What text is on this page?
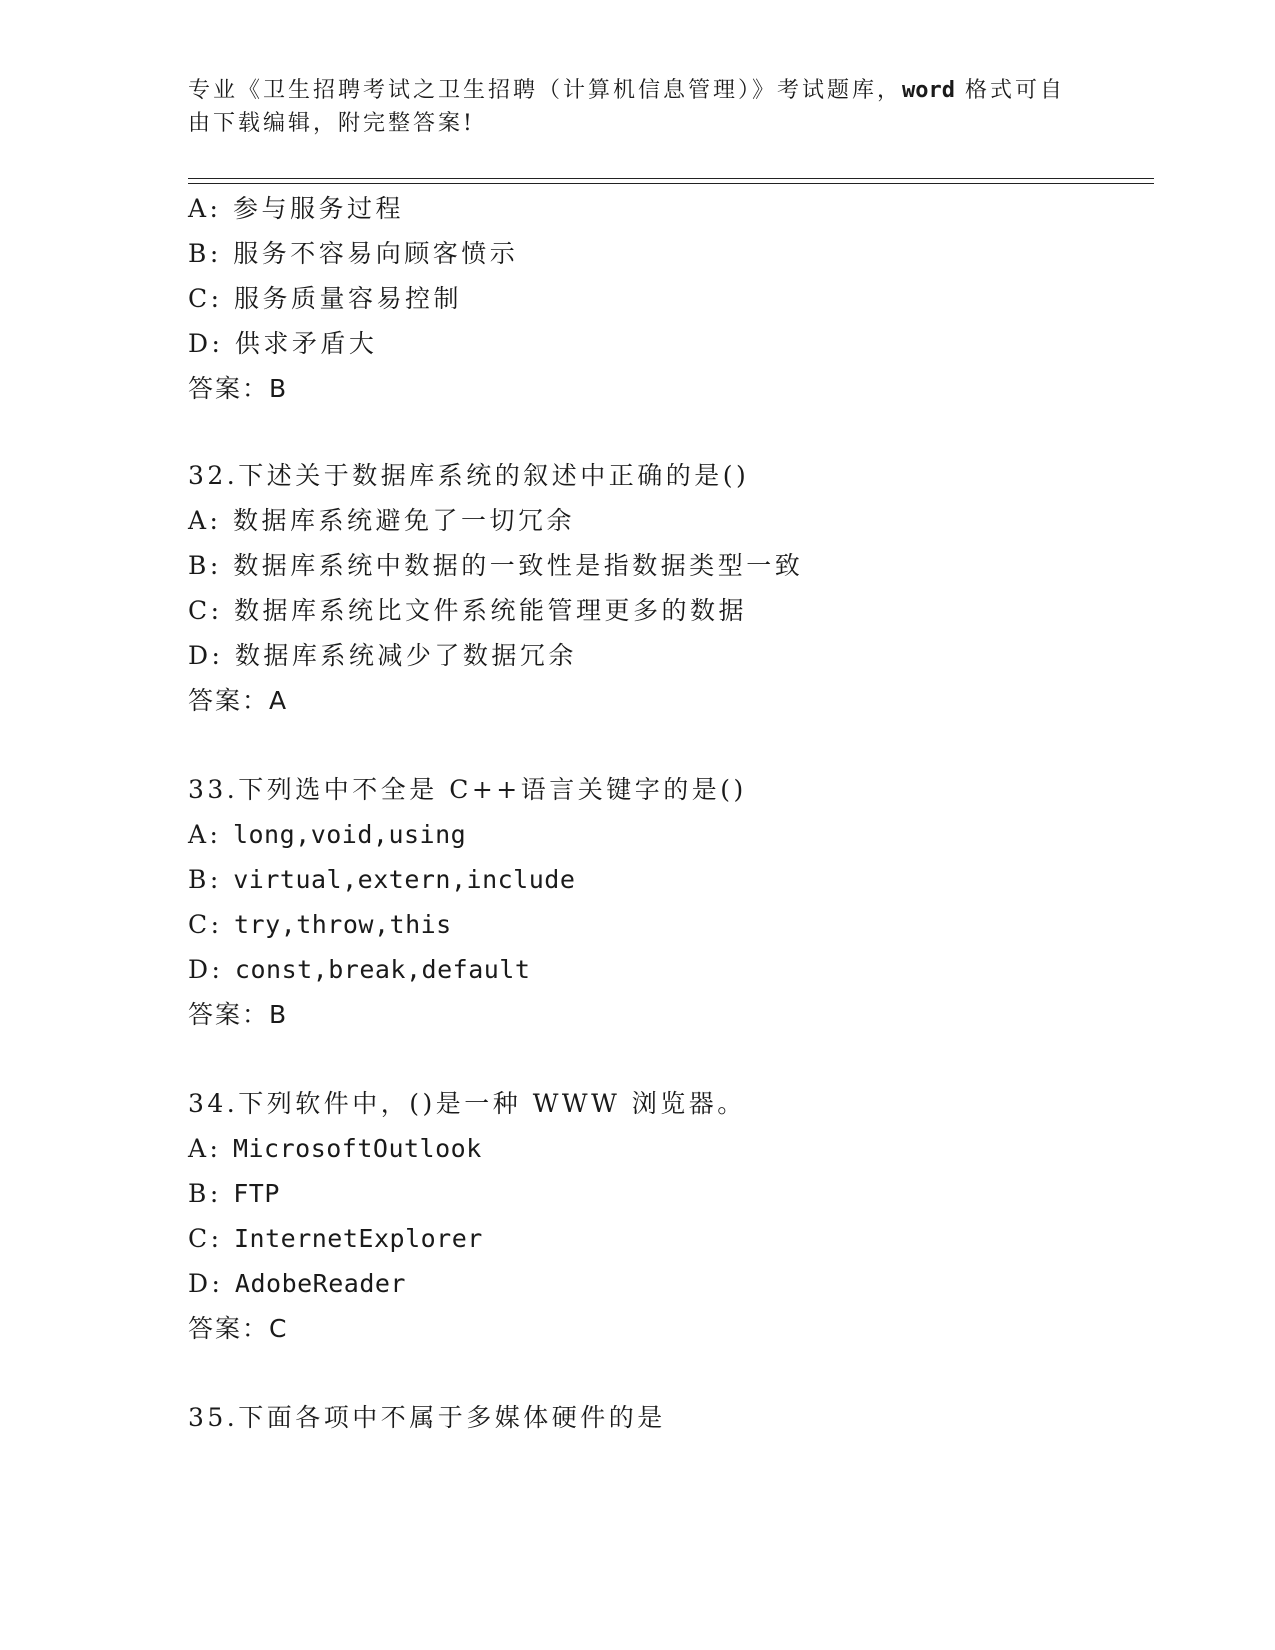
专业《卫生招聘考试之卫生招聘（计算机信息管理）》考试题库，word 格式可自由下载编辑，附完整答案!
A: 参与服务过程
B: 服务不容易向顾客愤示
C: 服务质量容易控制
D: 供求矛盾大
答案：B
32.下述关于数据库系统的叙述中正确的是()
A: 数据库系统避免了一切冗余
B: 数据库系统中数据的一致性是指数据类型一致
C: 数据库系统比文件系统能管理更多的数据
D: 数据库系统减少了数据冗余
答案：A
33.下列选中不全是 C++语言关键字的是()
A: long,void,using
B: virtual,extern,include
C: try,throw,this
D: const,break,default
答案：B
34.下列软件中，()是一种 WWW 浏览器。
A: MicrosoftOutlook
B: FTP
C: InternetExplorer
D: AdobeReader
答案：C
35.下面各项中不属于多媒体硬件的是
